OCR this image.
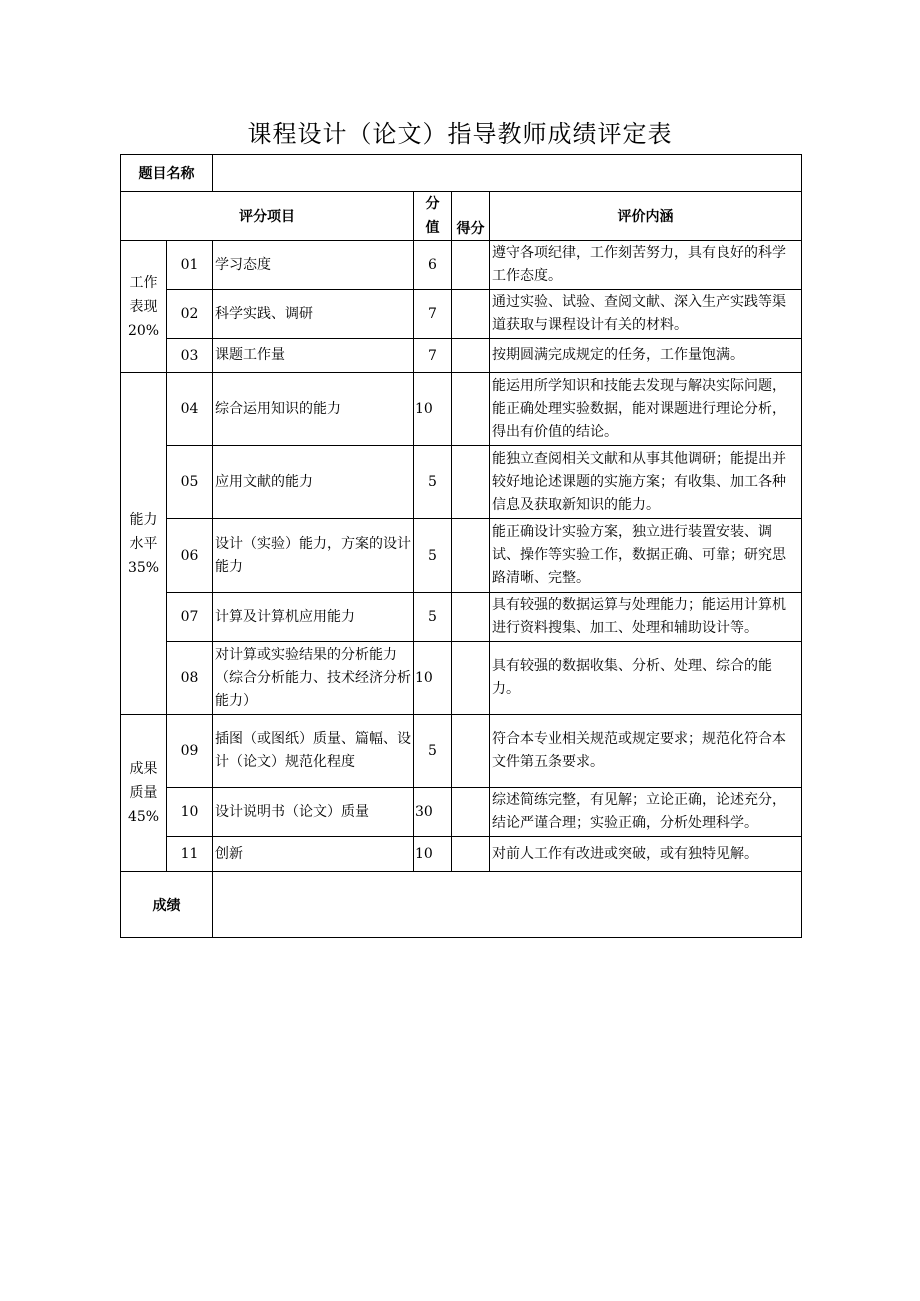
课程设计（论文）指导教师成绩评定表
题目名称					
评分项目			分
值	得分	评价内涵

工作
表现
20%	01	学习态度	6		遵守各项纪律，工作刻苦努力，具有良好的科学工作态度。
	02	科学实践、调研	7		通过实验、试验、查阅文献、深入生产实践等渠道获取与课程设计有关的材料。
	03	课题工作量	7		按期圆满完成规定的任务，工作量饱满。

能力
水平
35%	04	综合运用知识的能力	10		能运用所学知识和技能去发现与解决实际问题，能正确处理实验数据，能对课题进行理论分析，得出有价值的结论。
	05	应用文献的能力	5		能独立查阅相关文献和从事其他调研；能提出并较好地论述课题的实施方案；有收集、加工各种信息及获取新知识的能力。
	06	设计（实验）能力，方案的设计能力	5		能正确设计实验方案，独立进行装置安装、调试、操作等实验工作，数据正确、可靠；研究思路清晰、完整。
	07	计算及计算机应用能力	5		具有较强的数据运算与处理能力；能运用计算机进行资料搜集、加工、处理和辅助设计等。
	08	对计算或实验结果的分析能力（综合分析能力、技术经济分析能力）	10		具有较强的数据收集、分析、处理、综合的能力。

成果
质量
45%	09	插图（或图纸）质量、篇幅、设计（论文）规范化程度	5		符合本专业相关规范或规定要求；规范化符合本文件第五条要求。
	10	设计说明书（论文）质量	30		综述简练完整，有见解；立论正确，论述充分，结论严谨合理；实验正确，分析处理科学。
	11	创新	10		对前人工作有改进或突破，或有独特见解。
成绩					
